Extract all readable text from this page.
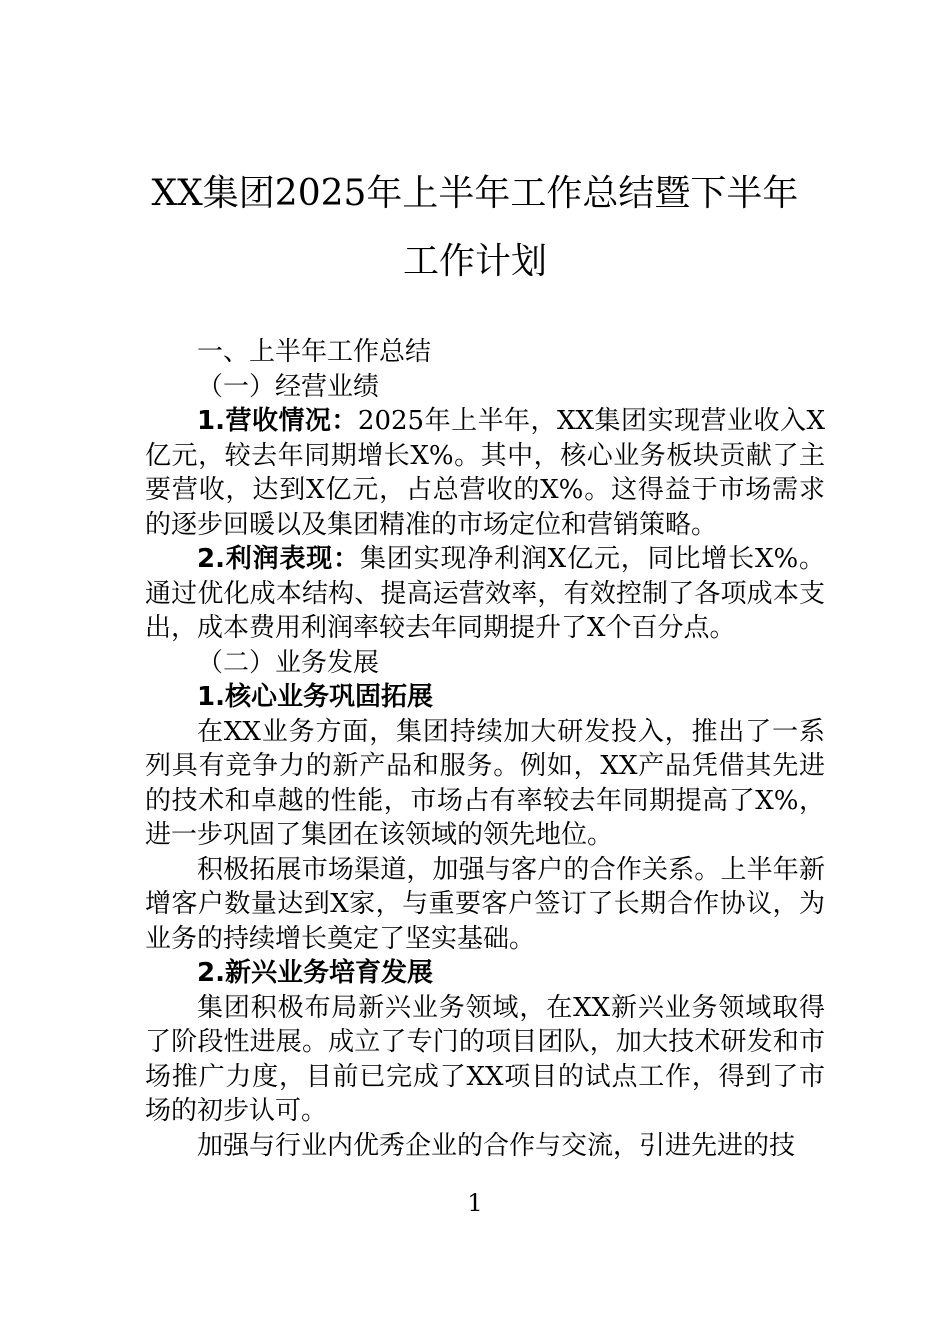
XX集团2025年上半年工作总结暨下半年
工作计划

一、上半年工作总结

（一）经营业绩

1.营收情况：2025年上半年，XX集团实现营业收入X亿元，较去年同期增长X%。其中，核心业务板块贡献了主要营收，达到X亿元，占总营收的X%。这得益于市场需求的逐步回暖以及集团精准的市场定位和营销策略。

2.利润表现：集团实现净利润X亿元，同比增长X%。通过优化成本结构、提高运营效率，有效控制了各项成本支出，成本费用利润率较去年同期提升了X个百分点。

（二）业务发展

1.核心业务巩固拓展

在XX业务方面，集团持续加大研发投入，推出了一系列具有竞争力的新产品和服务。例如，XX产品凭借其先进的技术和卓越的性能，市场占有率较去年同期提高了X%，进一步巩固了集团在该领域的领先地位。

积极拓展市场渠道，加强与客户的合作关系。上半年新增客户数量达到X家，与重要客户签订了长期合作协议，为业务的持续增长奠定了坚实基础。

2.新兴业务培育发展

集团积极布局新兴业务领域，在XX新兴业务领域取得了阶段性进展。成立了专门的项目团队，加大技术研发和市场推广力度，目前已完成了XX项目的试点工作，得到了市场的初步认可。

加强与行业内优秀企业的合作与交流，引进先进的技

1
